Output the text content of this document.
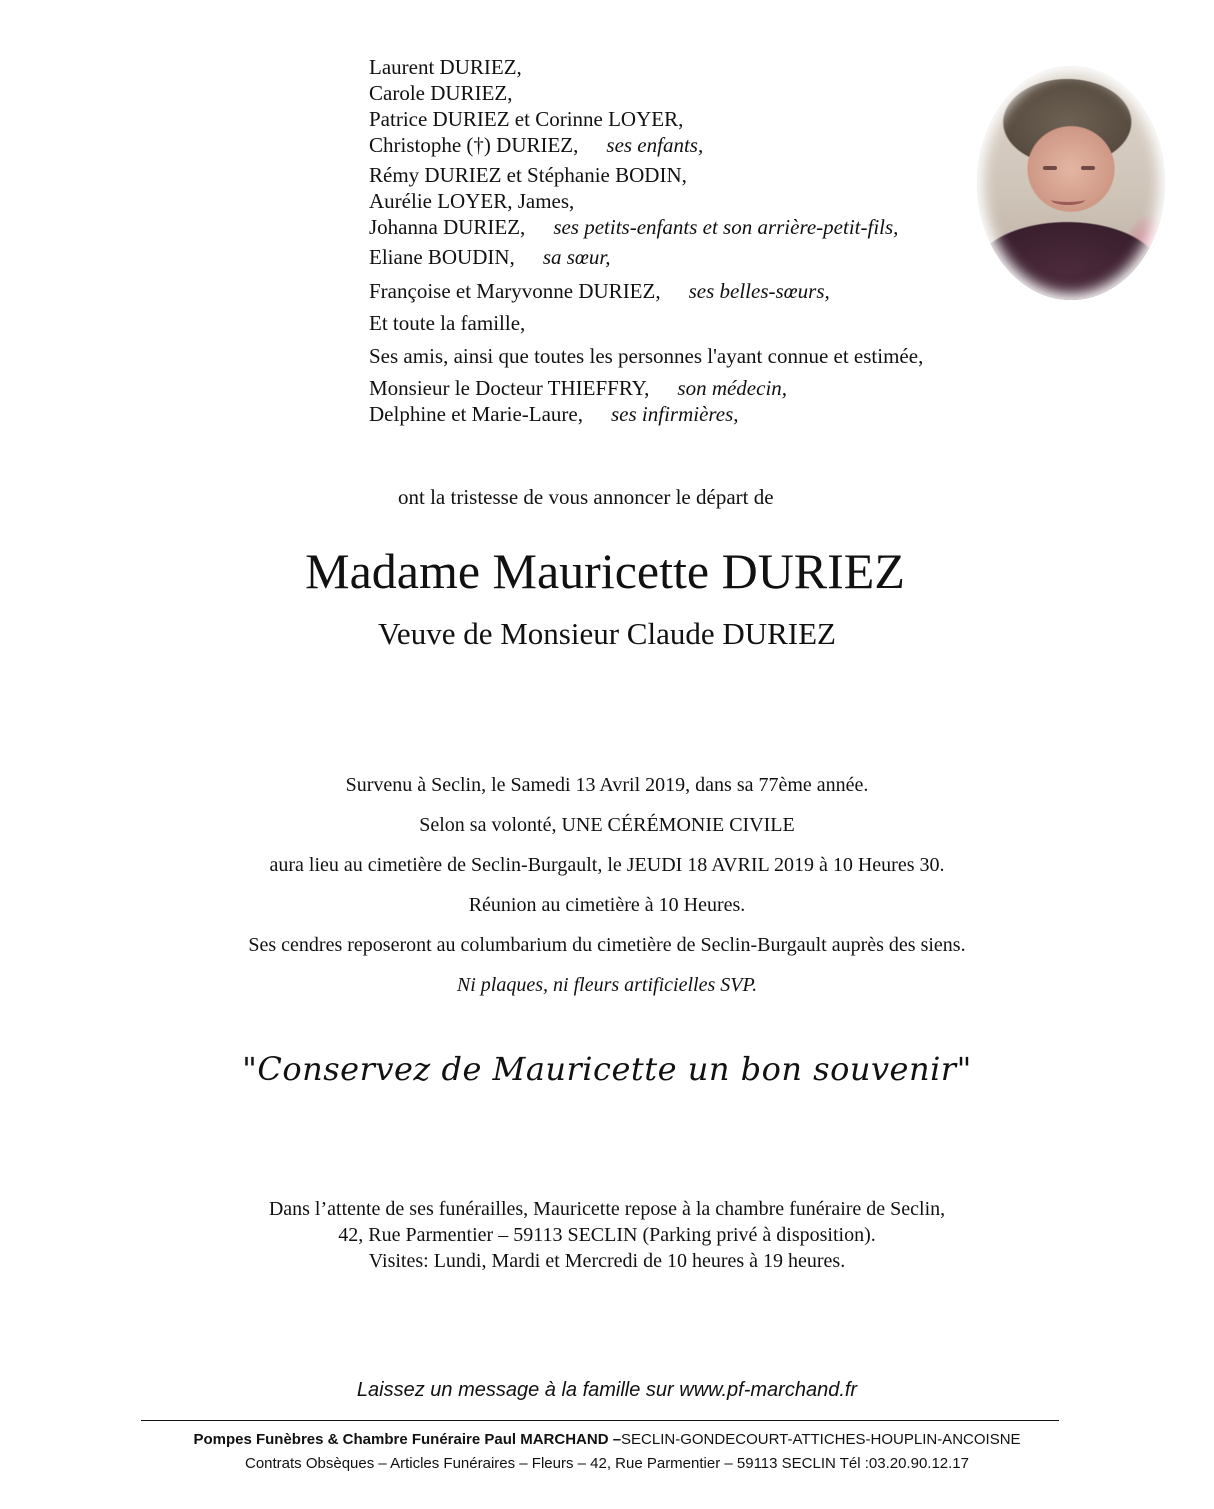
Laurent DURIEZ,
Carole DURIEZ,
Patrice DURIEZ et Corinne LOYER,
Christophe (†) DURIEZ, ses enfants,
Rémy DURIEZ et Stéphanie BODIN,
Aurélie LOYER, James,
Johanna DURIEZ, ses petits-enfants et son arrière-petit-fils,
Eliane BOUDIN, sa sœur,
Françoise et Maryvonne DURIEZ, ses belles-sœurs,
Et toute la famille,
Ses amis, ainsi que toutes les personnes l'ayant connue et estimée,
Monsieur le Docteur THIEFFRY, son médecin,
Delphine et Marie-Laure, ses infirmières,
ont la tristesse de vous annoncer le départ de
Madame Mauricette DURIEZ
Veuve de Monsieur Claude DURIEZ
Survenu à Seclin, le Samedi 13 Avril 2019, dans sa 77ème année.
Selon sa volonté, UNE CÉRÉMONIE CIVILE
aura lieu au cimetière de Seclin-Burgault, le JEUDI 18 AVRIL 2019 à 10 Heures 30.
Réunion au cimetière à 10 Heures.
Ses cendres reposeront au columbarium du cimetière de Seclin-Burgault auprès des siens.
Ni plaques, ni fleurs artificielles SVP.
"Conservez de Mauricette un bon souvenir"
Dans l’attente de ses funérailles, Mauricette repose à la chambre funéraire de Seclin,
42, Rue Parmentier – 59113 SECLIN (Parking privé à disposition).
Visites: Lundi, Mardi et Mercredi de 10 heures à 19 heures.
Laissez un message à la famille sur www.pf-marchand.fr
Pompes Funèbres & Chambre Funéraire Paul MARCHAND –SECLIN-GONDECOURT-ATTICHES-HOUPLIN-ANCOISNE
Contrats Obsèques – Articles Funéraires – Fleurs – 42, Rue Parmentier – 59113 SECLIN Tél :03.20.90.12.17
